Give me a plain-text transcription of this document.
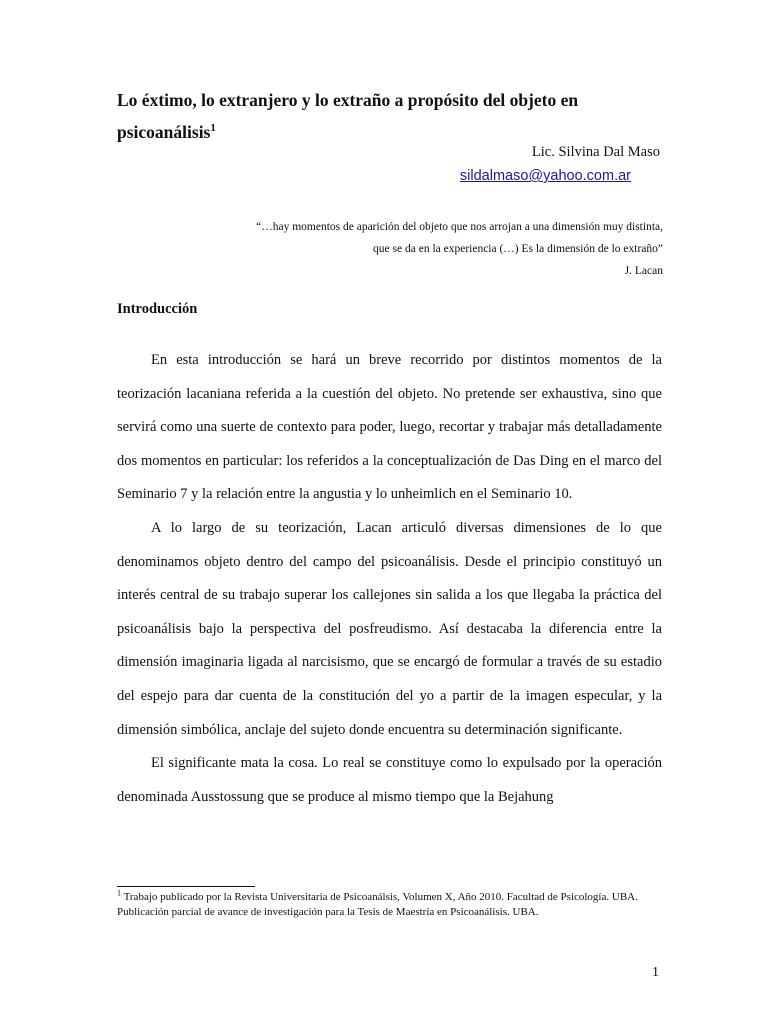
Lo éxtimo, lo extranjero y lo extraño a propósito del objeto en psicoanálisis$^1$
Lic. Silvina Dal Maso
sildalmaso@yahoo.com.ar
“…hay momentos de aparición del objeto que nos arrojan a una dimensión muy distinta,
que se da en la experiencia (…) Es la dimensión de lo extraño”
J. Lacan
Introducción

En esta introducción se hará un breve recorrido por distintos momentos de la teorización lacaniana referida a la cuestión del objeto. No pretende ser exhaustiva, sino que servirá como una suerte de contexto para poder, luego, recortar y trabajar más detalladamente dos momentos en particular: los referidos a la conceptualización de Das Ding en el marco del Seminario 7 y la relación entre la angustia y lo unheimlich en el Seminario 10.

A lo largo de su teorización, Lacan articuló diversas dimensiones de lo que denominamos objeto dentro del campo del psicoanálisis. Desde el principio constituyó un interés central de su trabajo superar los callejones sin salida a los que llegaba la práctica del psicoanálisis bajo la perspectiva del posfreudismo. Así destacaba la diferencia entre la dimensión imaginaria ligada al narcisismo, que se encargó de formular a través de su estadio del espejo para dar cuenta de la constitución del yo a partir de la imagen especular, y la dimensión simbólica, anclaje del sujeto donde encuentra su determinación significante.

El significante mata la cosa. Lo real se constituye como lo expulsado por la operación denominada Ausstossung que se produce al mismo tiempo que la Bejahung

$^1$ Trabajo publicado por la Revista Universitaria de Psicoanálsis, Volumen X, Año 2010. Facultad de Psicología. UBA. Publicación parcial de avance de investigación para la Tesis de Maestría en Psicoanálisis. UBA.
1
